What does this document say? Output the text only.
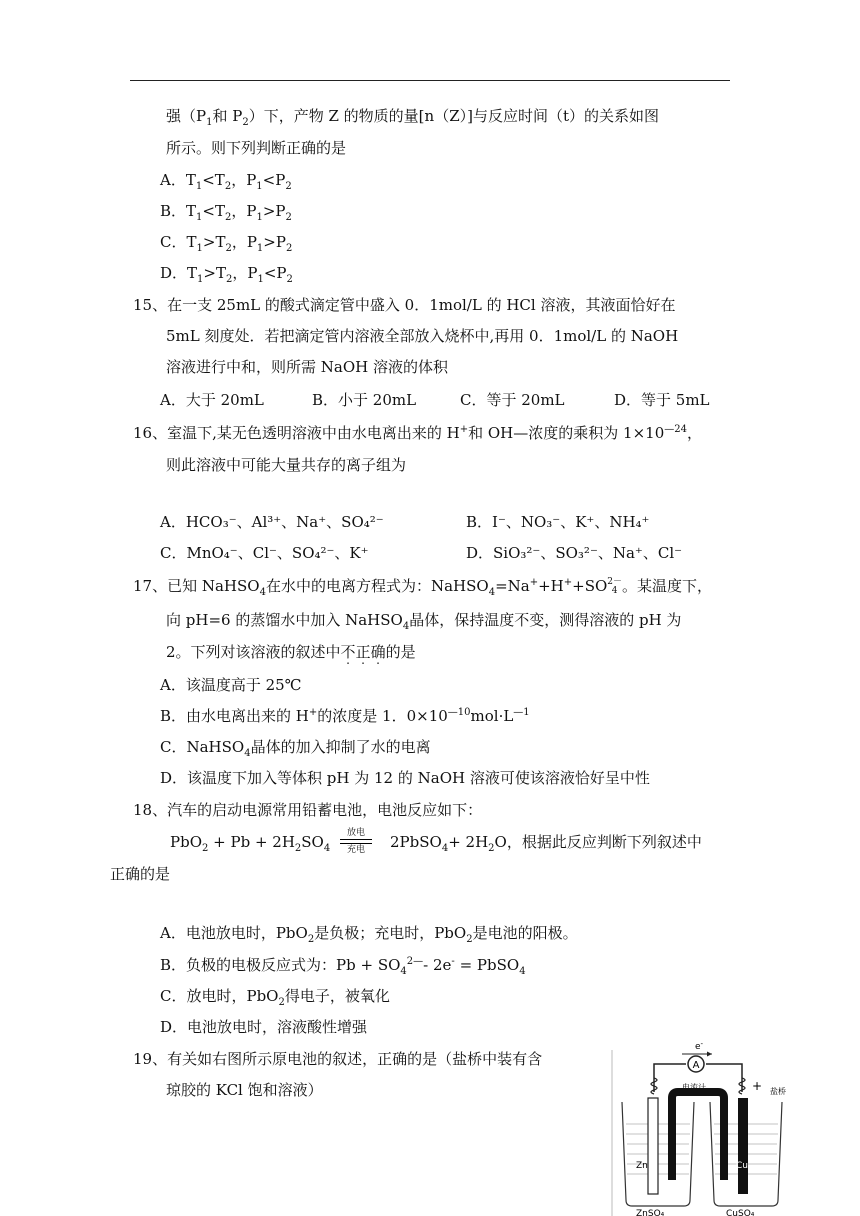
强（$P_1$和 $P_2$）下，产物 Z 的物质的量[n（Z）]与反应时间（t）的关系如图
所示。则下列判断正确的是
A．$T_1<T_2$，$P_1<P_2$
B．$T_1<T_2$，$P_1>P_2$
C．$T_1>T_2$，$P_1>P_2$
D．$T_1>T_2$，$P_1<P_2$
15、在一支 25mL 的酸式滴定管中盛入 0．1mol/L 的 HCl 溶液，其液面恰好在
5mL 刻度处．若把滴定管内溶液全部放入烧杯中,再用 0．1mol/L 的 NaOH
溶液进行中和，则所需 NaOH 溶液的体积
A．大于 20mL	B．小于 20mL	C．等于 20mL	D．等于 5mL
16、室温下,某无色透明溶液中由水电离出来的 H+和 OH—浓度的乘积为 $1\times 10^{—24}$，
则此溶液中可能大量共存的离子组为
A．HCO₃⁻、Al³⁺、Na⁺、SO₄²⁻	B．I⁻、NO₃⁻、K⁺、NH₄⁺
C．MnO₄⁻、Cl⁻、SO₄²⁻、K⁺	D．SiO₃²⁻、SO₃²⁻、Na⁺、Cl⁻
17、已知 NaHSO$_4$在水中的电离方程式为：NaHSO$_4$=Na++H++SO 2－
4 。某温度下，
向 pH=6 的蒸馏水中加入 NaHSO$_4$晶体，保持温度不变，测得溶液的 pH 为
2。下列对该溶液的叙述中不正确的是
A．该温度高于 25℃
B．由水电离出来的 H+的浓度是 1．$0\times 10^{—10}mol\cdot L^{—1}$
C．NaHSO$_4$晶体的加入抑制了水的电离
D．该温度下加入等体积 pH 为 12 的 NaOH 溶液可使该溶液恰好呈中性
18、汽车的启动电源常用铅蓄电池，电池反应如下：
$PbO_2 + Pb + 2H_2SO_4$
放电
充电	2PbSO$_4$+ $2H_2O$，根据此反应判断下列叙述中
正确的是
A．电池放电时，PbO$_2$是负极；充电时，PbO$_2$是电池的阳极。
B．负极的电极反应式为：$Pb + SO_4^{2—}-$ 2e- = PbSO$_4$
C．放电时，PbO$_2$得电子，被氧化
D．电池放电时，溶液酸性增强
19、有关如右图所示原电池的叙述，正确的是（盐桥中装有含
琼胶的 KCl 饱和溶液）
A
e-
+
电流计	盐桥
Zn	Cu
ZnSO₄	CuSO₄
